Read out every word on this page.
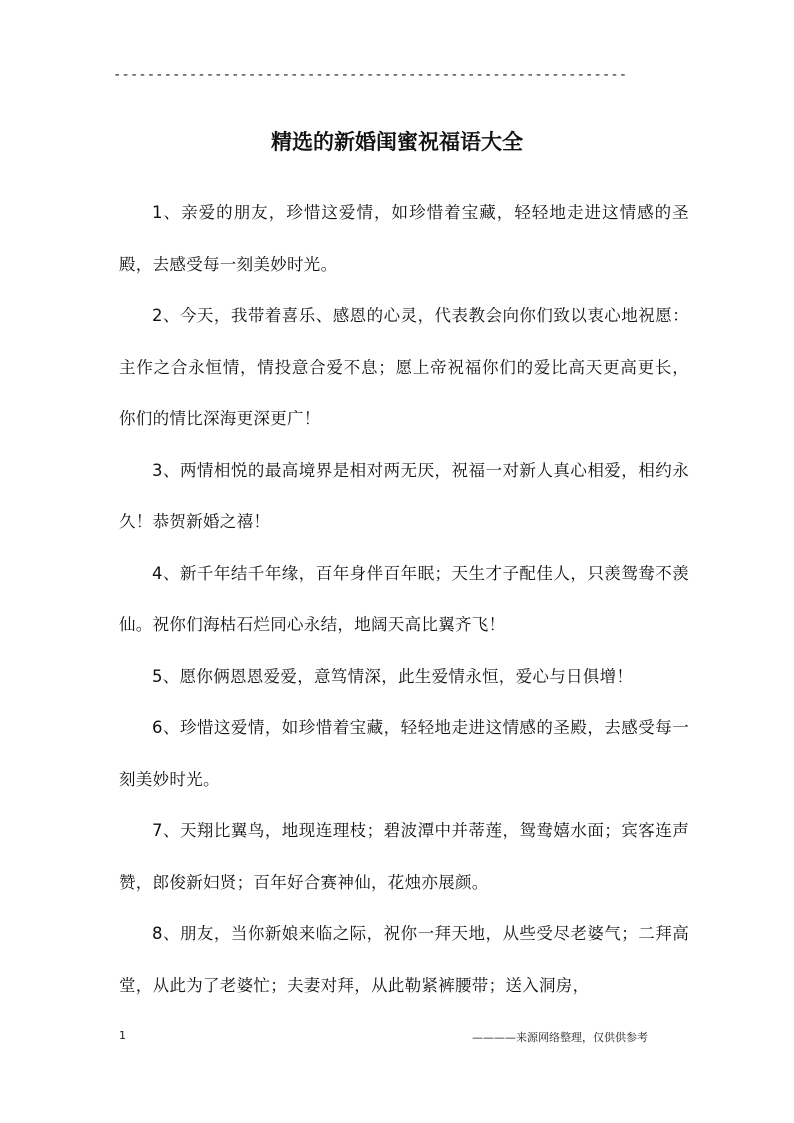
-------------------------------------------------------------
精选的新婚闺蜜祝福语大全

1、亲爱的朋友，珍惜这爱情，如珍惜着宝藏，轻轻地走进这情感的圣殿，去感受每一刻美妙时光。

2、今天，我带着喜乐、感恩的心灵，代表教会向你们致以衷心地祝愿：主作之合永恒情，情投意合爱不息；愿上帝祝福你们的爱比高天更高更长，你们的情比深海更深更广！

3、两情相悦的最高境界是相对两无厌，祝福一对新人真心相爱，相约永久！恭贺新婚之禧！

4、新千年结千年缘，百年身伴百年眠；天生才子配佳人，只羡鸳鸯不羡仙。祝你们海枯石烂同心永结，地阔天高比翼齐飞！

5、愿你俩恩恩爱爱，意笃情深，此生爱情永恒，爱心与日俱增！

6、珍惜这爱情，如珍惜着宝藏，轻轻地走进这情感的圣殿，去感受每一刻美妙时光。

7、天翔比翼鸟，地现连理枝；碧波潭中并蒂莲，鸳鸯嬉水面；宾客连声赞，郎俊新妇贤；百年好合赛神仙，花烛亦展颜。

8、朋友，当你新娘来临之际，祝你一拜天地，从些受尽老婆气；二拜高堂，从此为了老婆忙；夫妻对拜，从此勒紧裤腰带；送入洞房，

1	————来源网络整理，仅供供参考
